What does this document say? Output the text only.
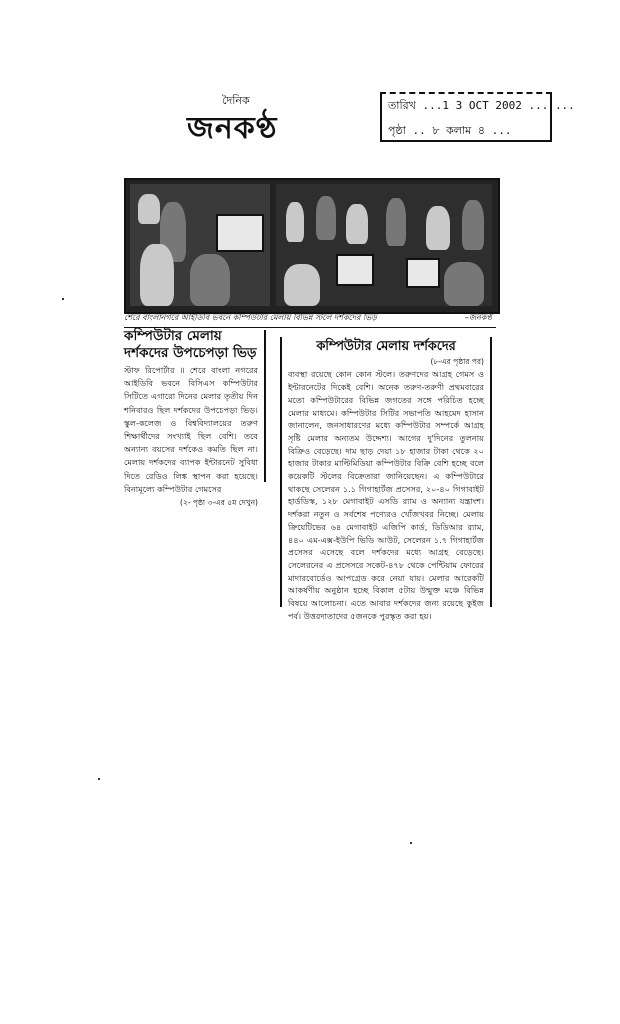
দৈনিক
জনকণ্ঠ
তারিখ ...1 3 OCT 2002 ... ...
পৃষ্ঠা .. ৮ কলাম ৪ ...
শেরে বাংলানগরে আইডিবি ভবনে কম্পিউটার মেলায় বিভিন্ন স্টলে দর্শকদের ভিড়	–জনকণ্ঠ
কম্পিউটার মেলায় দর্শকদের উপচেপড়া ভিড়

স্টাফ রিপোর্টার ॥ শেরে বাংলা নগরের আইডিবি ভবনে বিসিএস কম্পিউটার সিটিতে এগারো দিনের মেলার তৃতীয় দিন শনিবারও ছিল দর্শকদের উপচেপড়া ভিড়। স্কুল-কলেজ ও বিশ্ববিদ্যালয়ের তরুণ শিক্ষার্থীদের সংখ্যাই ছিল বেশি। তবে অন্যান্য বয়সের দর্শকেও কমতি ছিল না। মেলায় দর্শকদের ব্যাপক ইন্টারনেট সুবিধা দিতে রেডিও লিঙ্ক স্থাপন করা হয়েছে। বিনামূল্যে কম্পিউটার গেমসের

(২- পৃষ্ঠা ৩-এর ৫ম দেখুন)
কম্পিউটার মেলায় দর্শকদের
(৮-এর পৃষ্ঠার পর)

ব্যবস্থা রয়েছে কোন কোন স্টলে। তরুণদের আগ্রহ গেমস ও ইন্টারনেটের দিকেই বেশি। অনেক তরুণ-তরুণী প্রথমবারের মতো কম্পিউটারের বিভিন্ন জগতের সঙ্গে পরিচিত হচ্ছে মেলার মাধ্যমে। কম্পিউটার সিটির সভাপতি আহমেদ হাসান জানালেন, জনসাধারণের মধ্যে কম্পিউটার সম্পর্কে আগ্রহ সৃষ্টি মেলার অন্যতম উদ্দেশ্য। আগের দু'দিনের তুলনায় বিক্রিও বেড়েছে। দাম ছাড় দেয়া ১৮ হাজার টাকা থেকে ২০ হাজার টাকার মাল্টিমিডিয়া কম্পিউটার বিক্রি বেশি হচ্ছে বলে কয়েকটি স্টলের বিক্রেতারা জানিয়েছেন। এ কম্পিউটারে থাকছে সেলেরন ১.১ গিগাহার্টজ প্রসেসর, ২০-৪০ গিগাবাইট হার্ডডিস্ক, ১২৮ মেগাবাইট এসডি র‌্যাম ও অন্যান্য যন্ত্রাংশ। দর্শকরা নতুন ও সর্বশেষ পণ্যেরও খোঁজখবর নিচ্ছে। মেলায় ক্রিয়েটিভের ৬৪ মেগাবাইট এজিপি কার্ড, ডিডিআর র‌্যাম, ৪৪০ এম-এক্স-ইউপি ভিডি আউট, সেলেরন ১.৭ গিগাহার্টজ প্রসেসর এসেছে বলে দর্শকদের মধ্যে আগ্রহ বেড়েছে। সেলেরনের এ প্রসেসরে সকেট-৪৭৮ থেকে পেন্টিয়াম ফোরের মাদারবোর্ডেও আপগ্রেড করে নেয়া যায়। মেলার আরেকটি আকর্ষণীয় অনুষ্ঠান হচ্ছে বিকাল ৫টায় উন্মুক্ত মঞ্চে বিভিন্ন বিষয়ে আলোচনা। এতে আবার দর্শকদের জন্য রয়েছে কুইজ পর্ব। উত্তরদাতাদের ৫জনকে পুরস্কৃত করা হয়।
